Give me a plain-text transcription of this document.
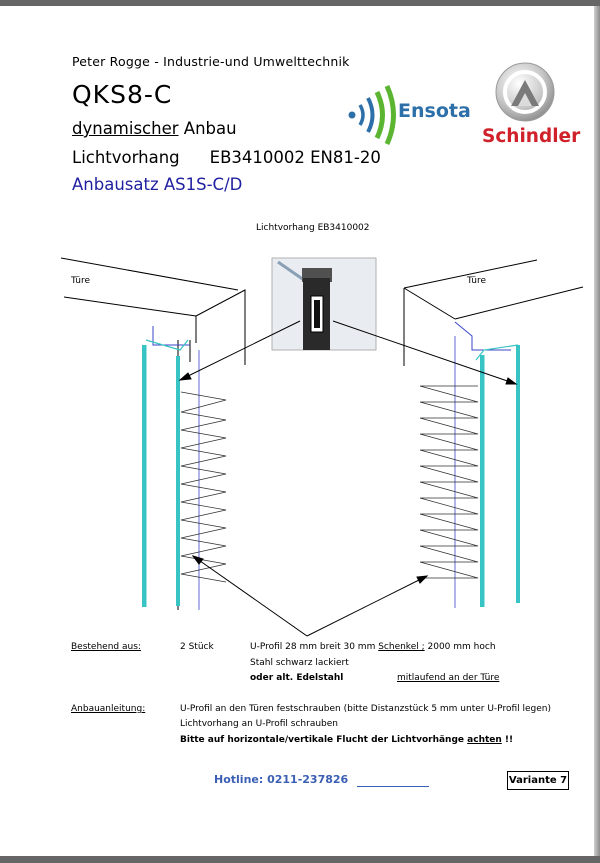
Peter Rogge - Industrie-und Umwelttechnik
QKS8-C
dynamischer Anbau
Lichtvorhang EB3410002 EN81-20
Anbausatz AS1S-C/D
Ensota
Schindler
Lichtvorhang EB3410002
Türe	Türe
Bestehend aus:	2 Stück	U-Profil 28 mm breit 30 mm Schenkel ; 2000 mm hoch
Stahl schwarz lackiert
oder alt. Edelstahl	mitlaufend an der Türe
Anbauanleitung:	U-Profil an den Türen festschrauben (bitte Distanzstück 5 mm unter U-Profil legen)
Lichtvorhang an U-Profil schrauben
Bitte auf horizontale/vertikale Flucht der Lichtvorhänge achten !!
Hotline: 0211-237826	Variante 7
